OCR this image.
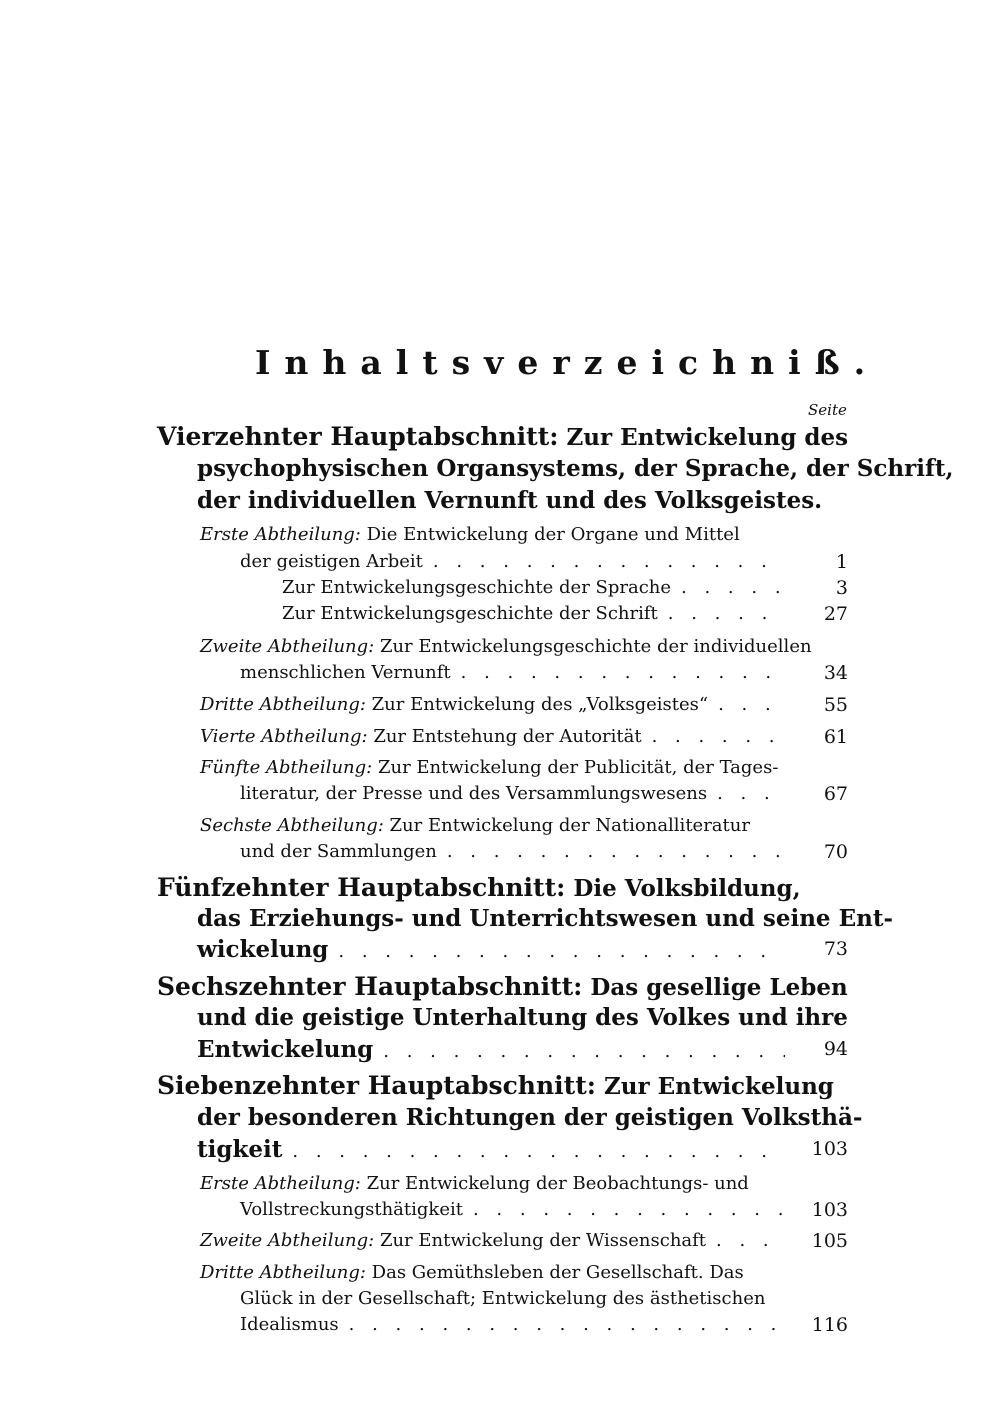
Inhaltsverzeichniß.
Seite
Vierzehnter Hauptabschnitt:
Zur Entwickelung des
psychophysischen Organsystems, der Sprache, der Schrift,
der individuellen Vernunft und des Volksgeistes.
Erste Abtheilung:
Die Entwickelung der Organe und Mittel
der geistigen Arbeit . . .	1
Zur Entwickelungsgeschichte der Sprache . . .	3
Zur Entwickelungsgeschichte der Schrift . . .	27
Zweite Abtheilung:
Zur Entwickelungsgeschichte der individuellen
menschlichen Vernunft . . .	34
Dritte Abtheilung:
Zur Entwickelung des „Volksgeistes“ . . .	55
Vierte Abtheilung:
Zur Entstehung der Autorität . . .	61
Fünfte Abtheilung:
Zur Entwickelung der Publicität, der Tages-
literatur, der Presse und des Versammlungswesens . . .	67
Sechste Abtheilung:
Zur Entwickelung der Nationalliteratur
und der Sammlungen . . .	70
Fünfzehnter Hauptabschnitt:
Die Volksbildung,
das Erziehungs- und Unterrichtswesen und seine Ent-
wickelung . . .	73
Sechszehnter Hauptabschnitt:
Das gesellige Leben
und die geistige Unterhaltung des Volkes und ihre
Entwickelung . . .	94
Siebenzehnter Hauptabschnitt:
Zur Entwickelung
der besonderen Richtungen der geistigen Volksthä-
tigkeit . . .	103
Erste Abtheilung:
Zur Entwickelung der Beobachtungs- und
Vollstreckungsthätigkeit . . .	103
Zweite Abtheilung:
Zur Entwickelung der Wissenschaft . . .	105
Dritte Abtheilung:
Das Gemüthsleben der Gesellschaft. Das
Glück in der Gesellschaft; Entwickelung des ästhetischen
Idealismus . . .	116
